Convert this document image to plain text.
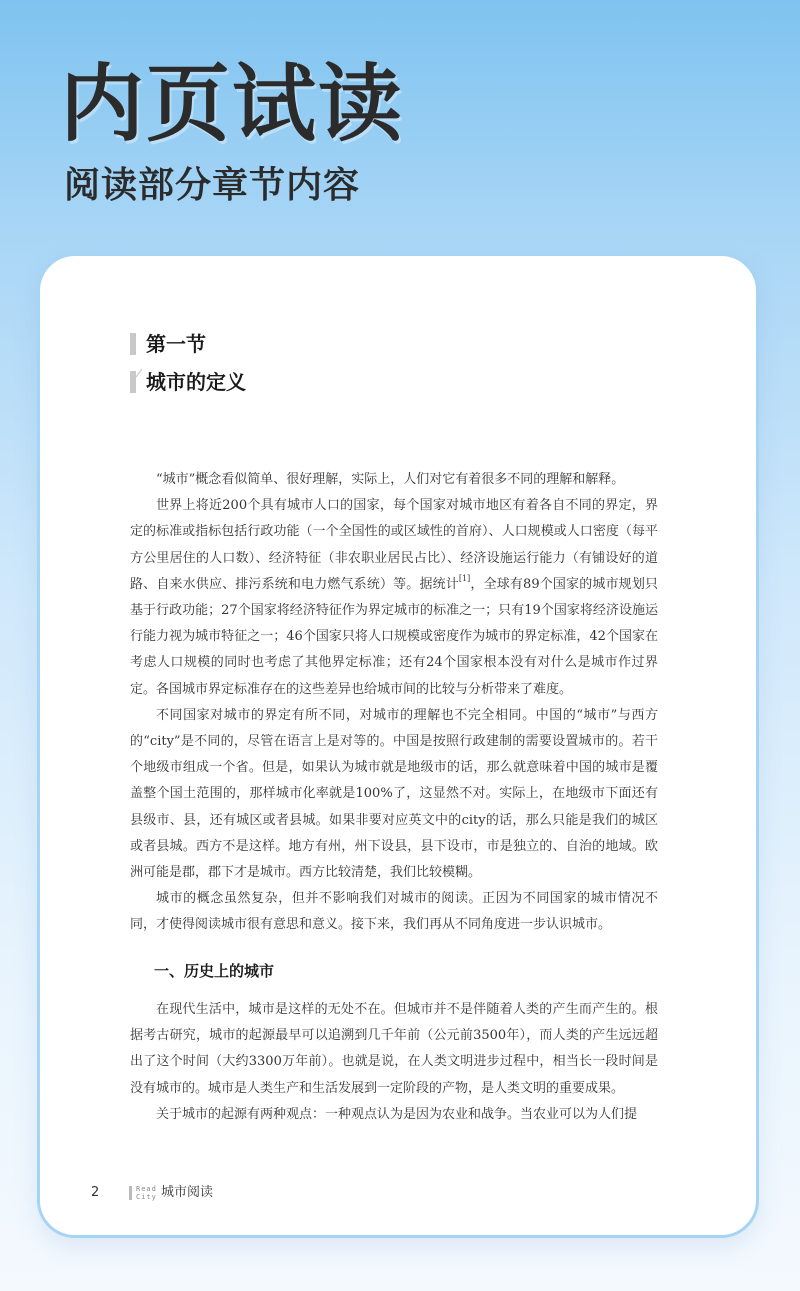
内页试读
阅读部分章节内容
第一节
城市的定义

“城市”概念看似简单、很好理解，实际上，人们对它有着很多不同的理解和解释。

世界上将近200个具有城市人口的国家，每个国家对城市地区有着各自不同的界定，界定的标准或指标包括行政功能（一个全国性的或区域性的首府）、人口规模或人口密度（每平方公里居住的人口数）、经济特征（非农职业居民占比）、经济设施运行能力（有铺设好的道路、自来水供应、排污系统和电力燃气系统）等。据统计[1]，全球有89个国家的城市规划只基于行政功能；27个国家将经济特征作为界定城市的标准之一；只有19个国家将经济设施运行能力视为城市特征之一；46个国家只将人口规模或密度作为城市的界定标准，42个国家在考虑人口规模的同时也考虑了其他界定标准；还有24个国家根本没有对什么是城市作过界定。各国城市界定标准存在的这些差异也给城市间的比较与分析带来了难度。

不同国家对城市的界定有所不同，对城市的理解也不完全相同。中国的“城市”与西方的“city”是不同的，尽管在语言上是对等的。中国是按照行政建制的需要设置城市的。若干个地级市组成一个省。但是，如果认为城市就是地级市的话，那么就意味着中国的城市是覆盖整个国土范围的，那样城市化率就是100%了，这显然不对。实际上，在地级市下面还有县级市、县，还有城区或者县城。如果非要对应英文中的city的话，那么只能是我们的城区或者县城。西方不是这样。地方有州，州下设县，县下设市，市是独立的、自治的地域。欧洲可能是郡，郡下才是城市。西方比较清楚，我们比较模糊。

城市的概念虽然复杂，但并不影响我们对城市的阅读。正因为不同国家的城市情况不同，才使得阅读城市很有意思和意义。接下来，我们再从不同角度进一步认识城市。

一、历史上的城市

在现代生活中，城市是这样的无处不在。但城市并不是伴随着人类的产生而产生的。根据考古研究，城市的起源最早可以追溯到几千年前（公元前3500年），而人类的产生远远超出了这个时间（大约3300万年前）。也就是说，在人类文明进步过程中，相当长一段时间是没有城市的。城市是人类生产和生活发展到一定阶段的产物，是人类文明的重要成果。

关于城市的起源有两种观点：一种观点认为是因为农业和战争。当农业可以为人们提

2	Read
City 城市阅读
